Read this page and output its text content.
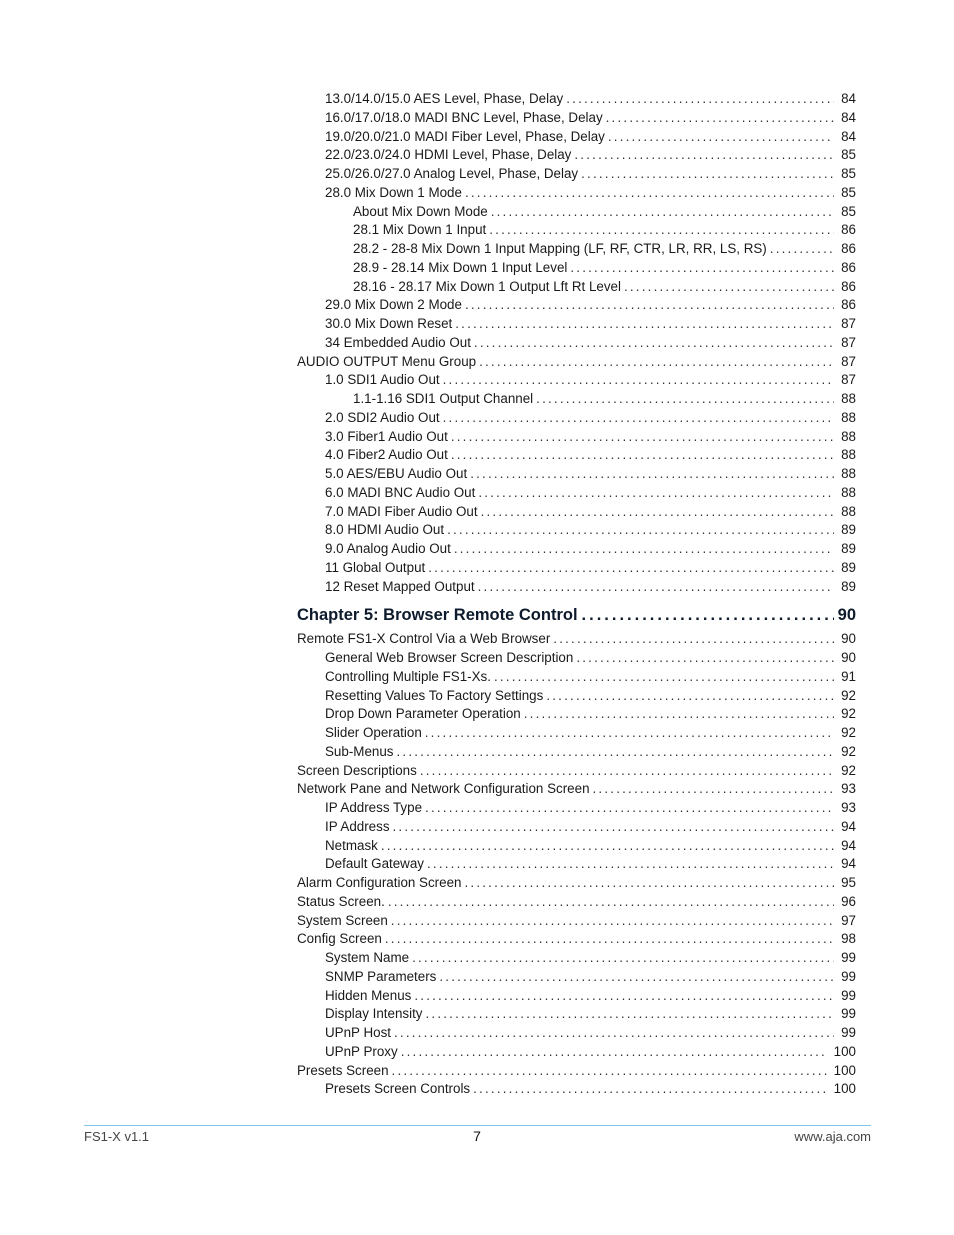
13.0/14.0/15.0 AES Level, Phase, Delay .....	84
16.0/17.0/18.0 MADI BNC Level, Phase, Delay .....	84
19.0/20.0/21.0 MADI Fiber Level, Phase, Delay .....	84
22.0/23.0/24.0 HDMI Level, Phase, Delay .....	85
25.0/26.0/27.0 Analog Level, Phase, Delay .....	85
28.0 Mix Down 1 Mode .....	85
About Mix Down Mode .....	85
28.1 Mix Down 1 Input .....	86
28.2 - 28-8 Mix Down 1 Input Mapping (LF, RF, CTR, LR, RR, LS, RS) .....	86
28.9 - 28.14 Mix Down 1 Input Level .....	86
28.16 - 28.17 Mix Down 1 Output Lft Rt Level .....	86
29.0 Mix Down 2 Mode .....	86
30.0 Mix Down Reset .....	87
34 Embedded Audio Out .....	87
AUDIO OUTPUT Menu Group .....	87
1.0 SDI1 Audio Out .....	87
1.1-1.16 SDI1 Output Channel .....	88
2.0 SDI2 Audio Out .....	88
3.0 Fiber1 Audio Out .....	88
4.0 Fiber2 Audio Out .....	88
5.0 AES/EBU Audio Out .....	88
6.0 MADI BNC Audio Out .....	88
7.0 MADI Fiber Audio Out .....	88
8.0 HDMI Audio Out .....	89
9.0 Analog Audio Out .....	89
11 Global Output .....	89
12 Reset Mapped Output .....	89
Chapter 5: Browser Remote Control .....	90
Remote FS1-X Control Via a Web Browser .....	90
General Web Browser Screen Description .....	90
Controlling Multiple FS1-Xs. .....	91
Resetting Values To Factory Settings .....	92
Drop Down Parameter Operation .....	92
Slider Operation .....	92
Sub-Menus .....	92
Screen Descriptions .....	92
Network Pane and Network Configuration Screen .....	93
IP Address Type .....	93
IP Address .....	94
Netmask .....	94
Default Gateway .....	94
Alarm Configuration Screen .....	95
Status Screen. .....	96
System Screen .....	97
Config Screen .....	98
System Name .....	99
SNMP Parameters .....	99
Hidden Menus .....	99
Display Intensity .....	99
UPnP Host .....	99
UPnP Proxy .....	100
Presets Screen .....	100
Presets Screen Controls .....	100
FS1-X v1.1	7	www.aja.com
